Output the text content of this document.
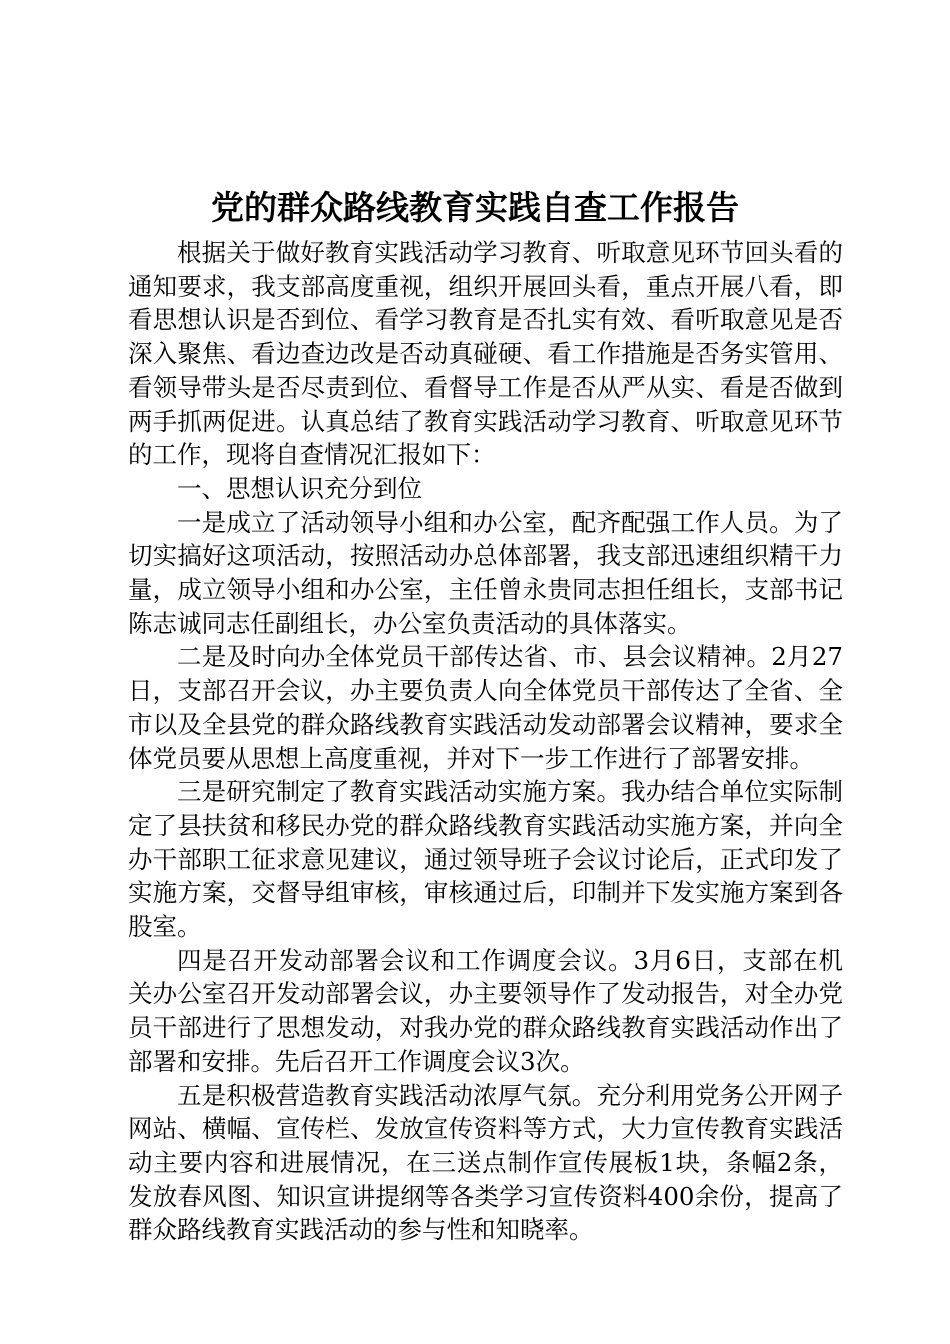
党的群众路线教育实践自查工作报告

根据关于做好教育实践活动学习教育、听取意见环节回头看的通知要求，我支部高度重视，组织开展回头看，重点开展八看，即看思想认识是否到位、看学习教育是否扎实有效、看听取意见是否深入聚焦、看边查边改是否动真碰硬、看工作措施是否务实管用、看领导带头是否尽责到位、看督导工作是否从严从实、看是否做到两手抓两促进。认真总结了教育实践活动学习教育、听取意见环节的工作，现将自查情况汇报如下：

一、思想认识充分到位

一是成立了活动领导小组和办公室，配齐配强工作人员。为了切实搞好这项活动，按照活动办总体部署，我支部迅速组织精干力量，成立领导小组和办公室，主任曾永贵同志担任组长，支部书记陈志诚同志任副组长，办公室负责活动的具体落实。

二是及时向办全体党员干部传达省、市、县会议精神。2月27日，支部召开会议，办主要负责人向全体党员干部传达了全省、全市以及全县党的群众路线教育实践活动发动部署会议精神，要求全体党员要从思想上高度重视，并对下一步工作进行了部署安排。

三是研究制定了教育实践活动实施方案。我办结合单位实际制定了县扶贫和移民办党的群众路线教育实践活动实施方案，并向全办干部职工征求意见建议，通过领导班子会议讨论后，正式印发了实施方案，交督导组审核，审核通过后，印制并下发实施方案到各股室。

四是召开发动部署会议和工作调度会议。3月6日，支部在机关办公室召开发动部署会议，办主要领导作了发动报告，对全办党员干部进行了思想发动，对我办党的群众路线教育实践活动作出了部署和安排。先后召开工作调度会议3次。

五是积极营造教育实践活动浓厚气氛。充分利用党务公开网子网站、横幅、宣传栏、发放宣传资料等方式，大力宣传教育实践活动主要内容和进展情况，在三送点制作宣传展板1块，条幅2条，发放春风图、知识宣讲提纲等各类学习宣传资料400余份，提高了群众路线教育实践活动的参与性和知晓率。
